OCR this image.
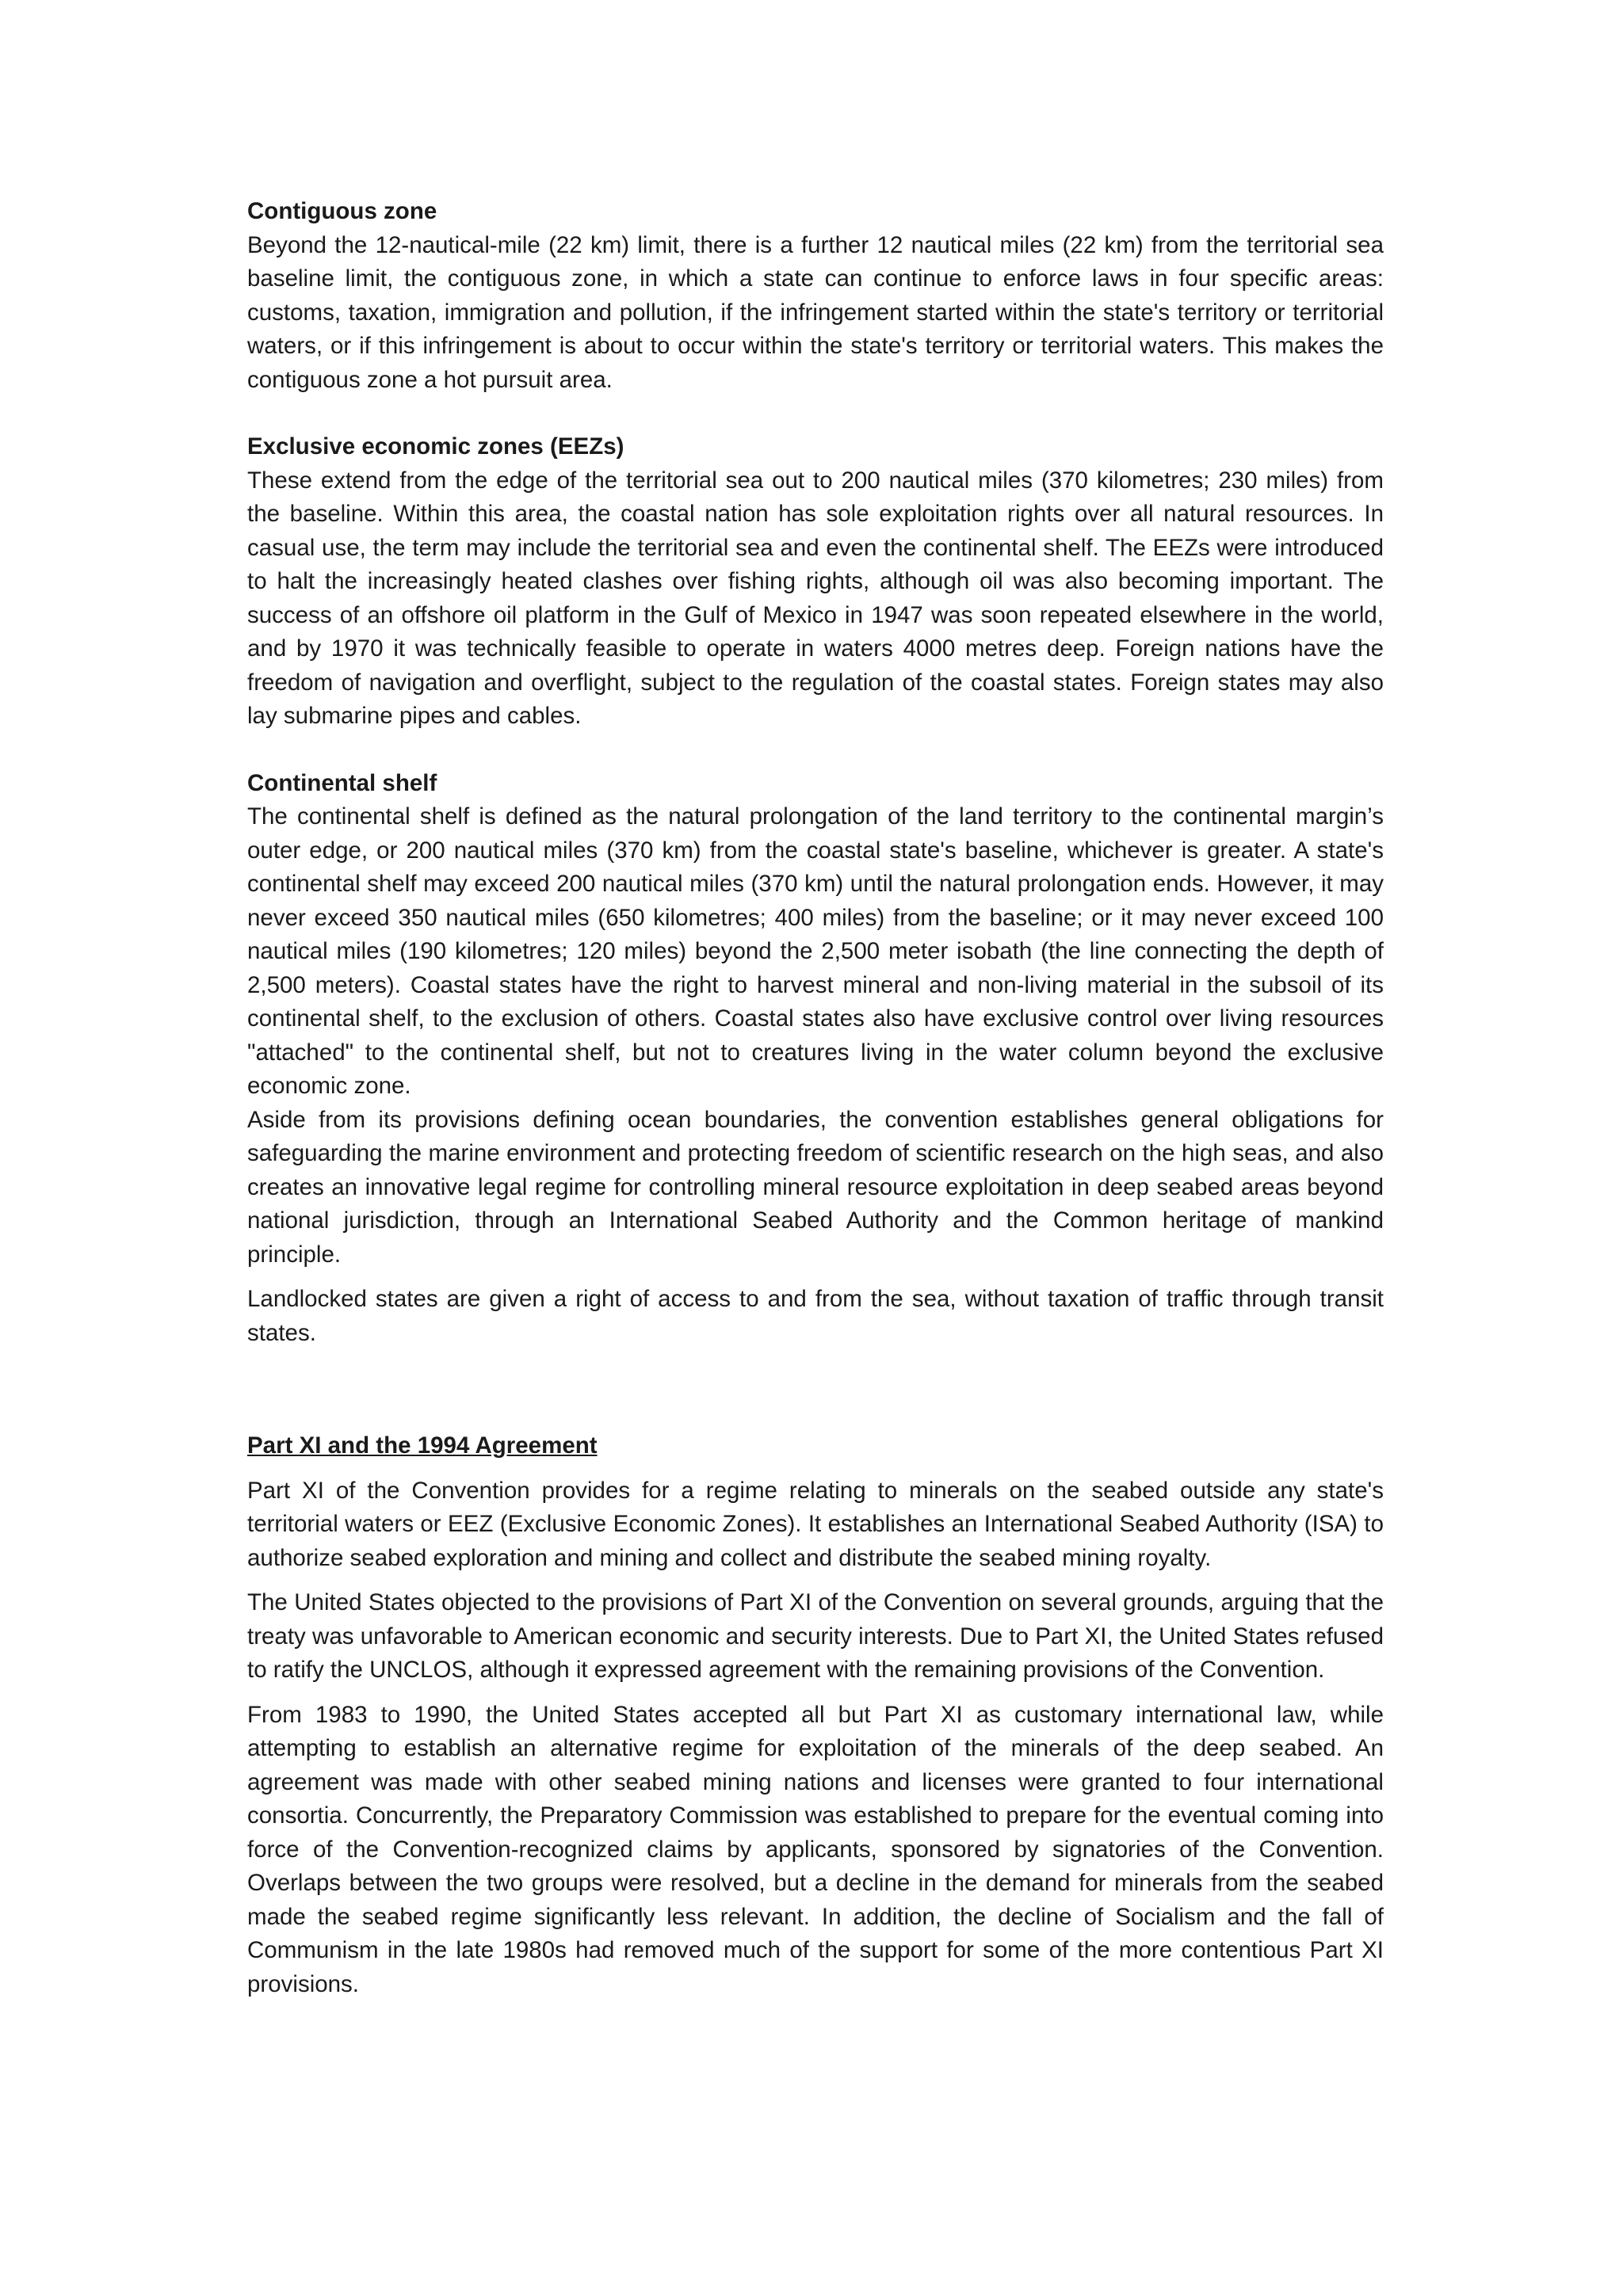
Contiguous zone

Beyond the 12-nautical-mile (22 km) limit, there is a further 12 nautical miles (22 km) from the territorial sea baseline limit, the contiguous zone, in which a state can continue to enforce laws in four specific areas: customs, taxation, immigration and pollution, if the infringement started within the state's territory or territorial waters, or if this infringement is about to occur within the state's territory or territorial waters. This makes the contiguous zone a hot pursuit area.

Exclusive economic zones (EEZs)

These extend from the edge of the territorial sea out to 200 nautical miles (370 kilometres; 230 miles) from the baseline. Within this area, the coastal nation has sole exploitation rights over all natural resources. In casual use, the term may include the territorial sea and even the continental shelf. The EEZs were introduced to halt the increasingly heated clashes over fishing rights, although oil was also becoming important. The success of an offshore oil platform in the Gulf of Mexico in 1947 was soon repeated elsewhere in the world, and by 1970 it was technically feasible to operate in waters 4000 metres deep. Foreign nations have the freedom of navigation and overflight, subject to the regulation of the coastal states. Foreign states may also lay submarine pipes and cables.

Continental shelf

The continental shelf is defined as the natural prolongation of the land territory to the continental margin’s outer edge, or 200 nautical miles (370 km) from the coastal state's baseline, whichever is greater. A state's continental shelf may exceed 200 nautical miles (370 km) until the natural prolongation ends. However, it may never exceed 350 nautical miles (650 kilometres; 400 miles) from the baseline; or it may never exceed 100 nautical miles (190 kilometres; 120 miles) beyond the 2,500 meter isobath (the line connecting the depth of 2,500 meters). Coastal states have the right to harvest mineral and non-living material in the subsoil of its continental shelf, to the exclusion of others. Coastal states also have exclusive control over living resources "attached" to the continental shelf, but not to creatures living in the water column beyond the exclusive economic zone.

Aside from its provisions defining ocean boundaries, the convention establishes general obligations for safeguarding the marine environment and protecting freedom of scientific research on the high seas, and also creates an innovative legal regime for controlling mineral resource exploitation in deep seabed areas beyond national jurisdiction, through an International Seabed Authority and the Common heritage of mankind principle.

Landlocked states are given a right of access to and from the sea, without taxation of traffic through transit states.

Part XI and the 1994 Agreement

Part XI of the Convention provides for a regime relating to minerals on the seabed outside any state's territorial waters or EEZ (Exclusive Economic Zones). It establishes an International Seabed Authority (ISA) to authorize seabed exploration and mining and collect and distribute the seabed mining royalty.

The United States objected to the provisions of Part XI of the Convention on several grounds, arguing that the treaty was unfavorable to American economic and security interests. Due to Part XI, the United States refused to ratify the UNCLOS, although it expressed agreement with the remaining provisions of the Convention.

From 1983 to 1990, the United States accepted all but Part XI as customary international law, while attempting to establish an alternative regime for exploitation of the minerals of the deep seabed. An agreement was made with other seabed mining nations and licenses were granted to four international consortia. Concurrently, the Preparatory Commission was established to prepare for the eventual coming into force of the Convention-recognized claims by applicants, sponsored by signatories of the Convention. Overlaps between the two groups were resolved, but a decline in the demand for minerals from the seabed made the seabed regime significantly less relevant. In addition, the decline of Socialism and the fall of Communism in the late 1980s had removed much of the support for some of the more contentious Part XI provisions.
